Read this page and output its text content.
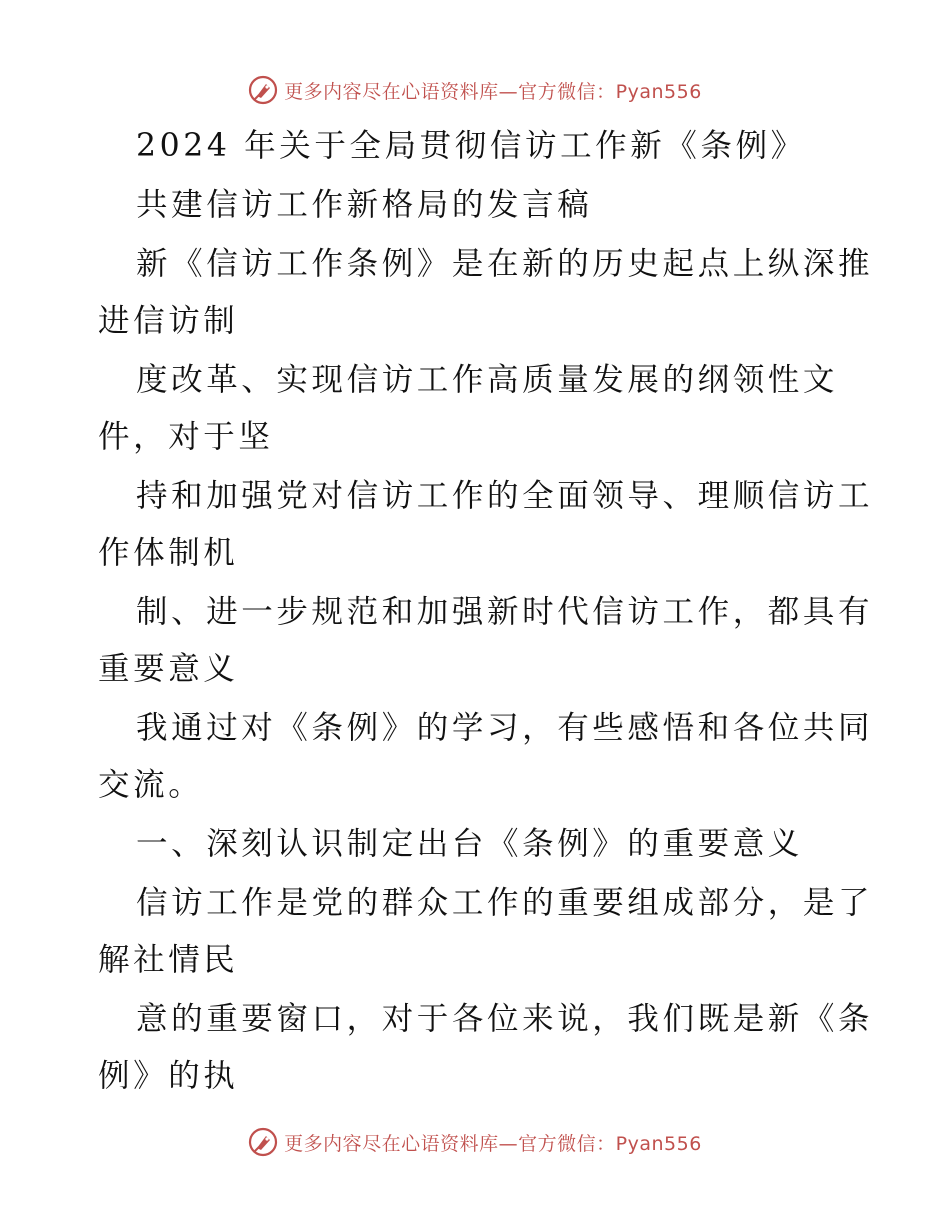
更多内容尽在心语资料库—官方微信：Pyan556
2024 年关于全局贯彻信访工作新《条例》
共建信访工作新格局的发言稿
新《信访工作条例》是在新的历史起点上纵深推
进信访制
度改革、实现信访工作高质量发展的纲领性文
件，对于坚
持和加强党对信访工作的全面领导、理顺信访工
作体制机
制、进一步规范和加强新时代信访工作，都具有
重要意义
我通过对《条例》的学习，有些感悟和各位共同
交流。
一、深刻认识制定出台《条例》的重要意义
信访工作是党的群众工作的重要组成部分，是了
解社情民
意的重要窗口，对于各位来说，我们既是新《条
例》的执
更多内容尽在心语资料库—官方微信：Pyan556
